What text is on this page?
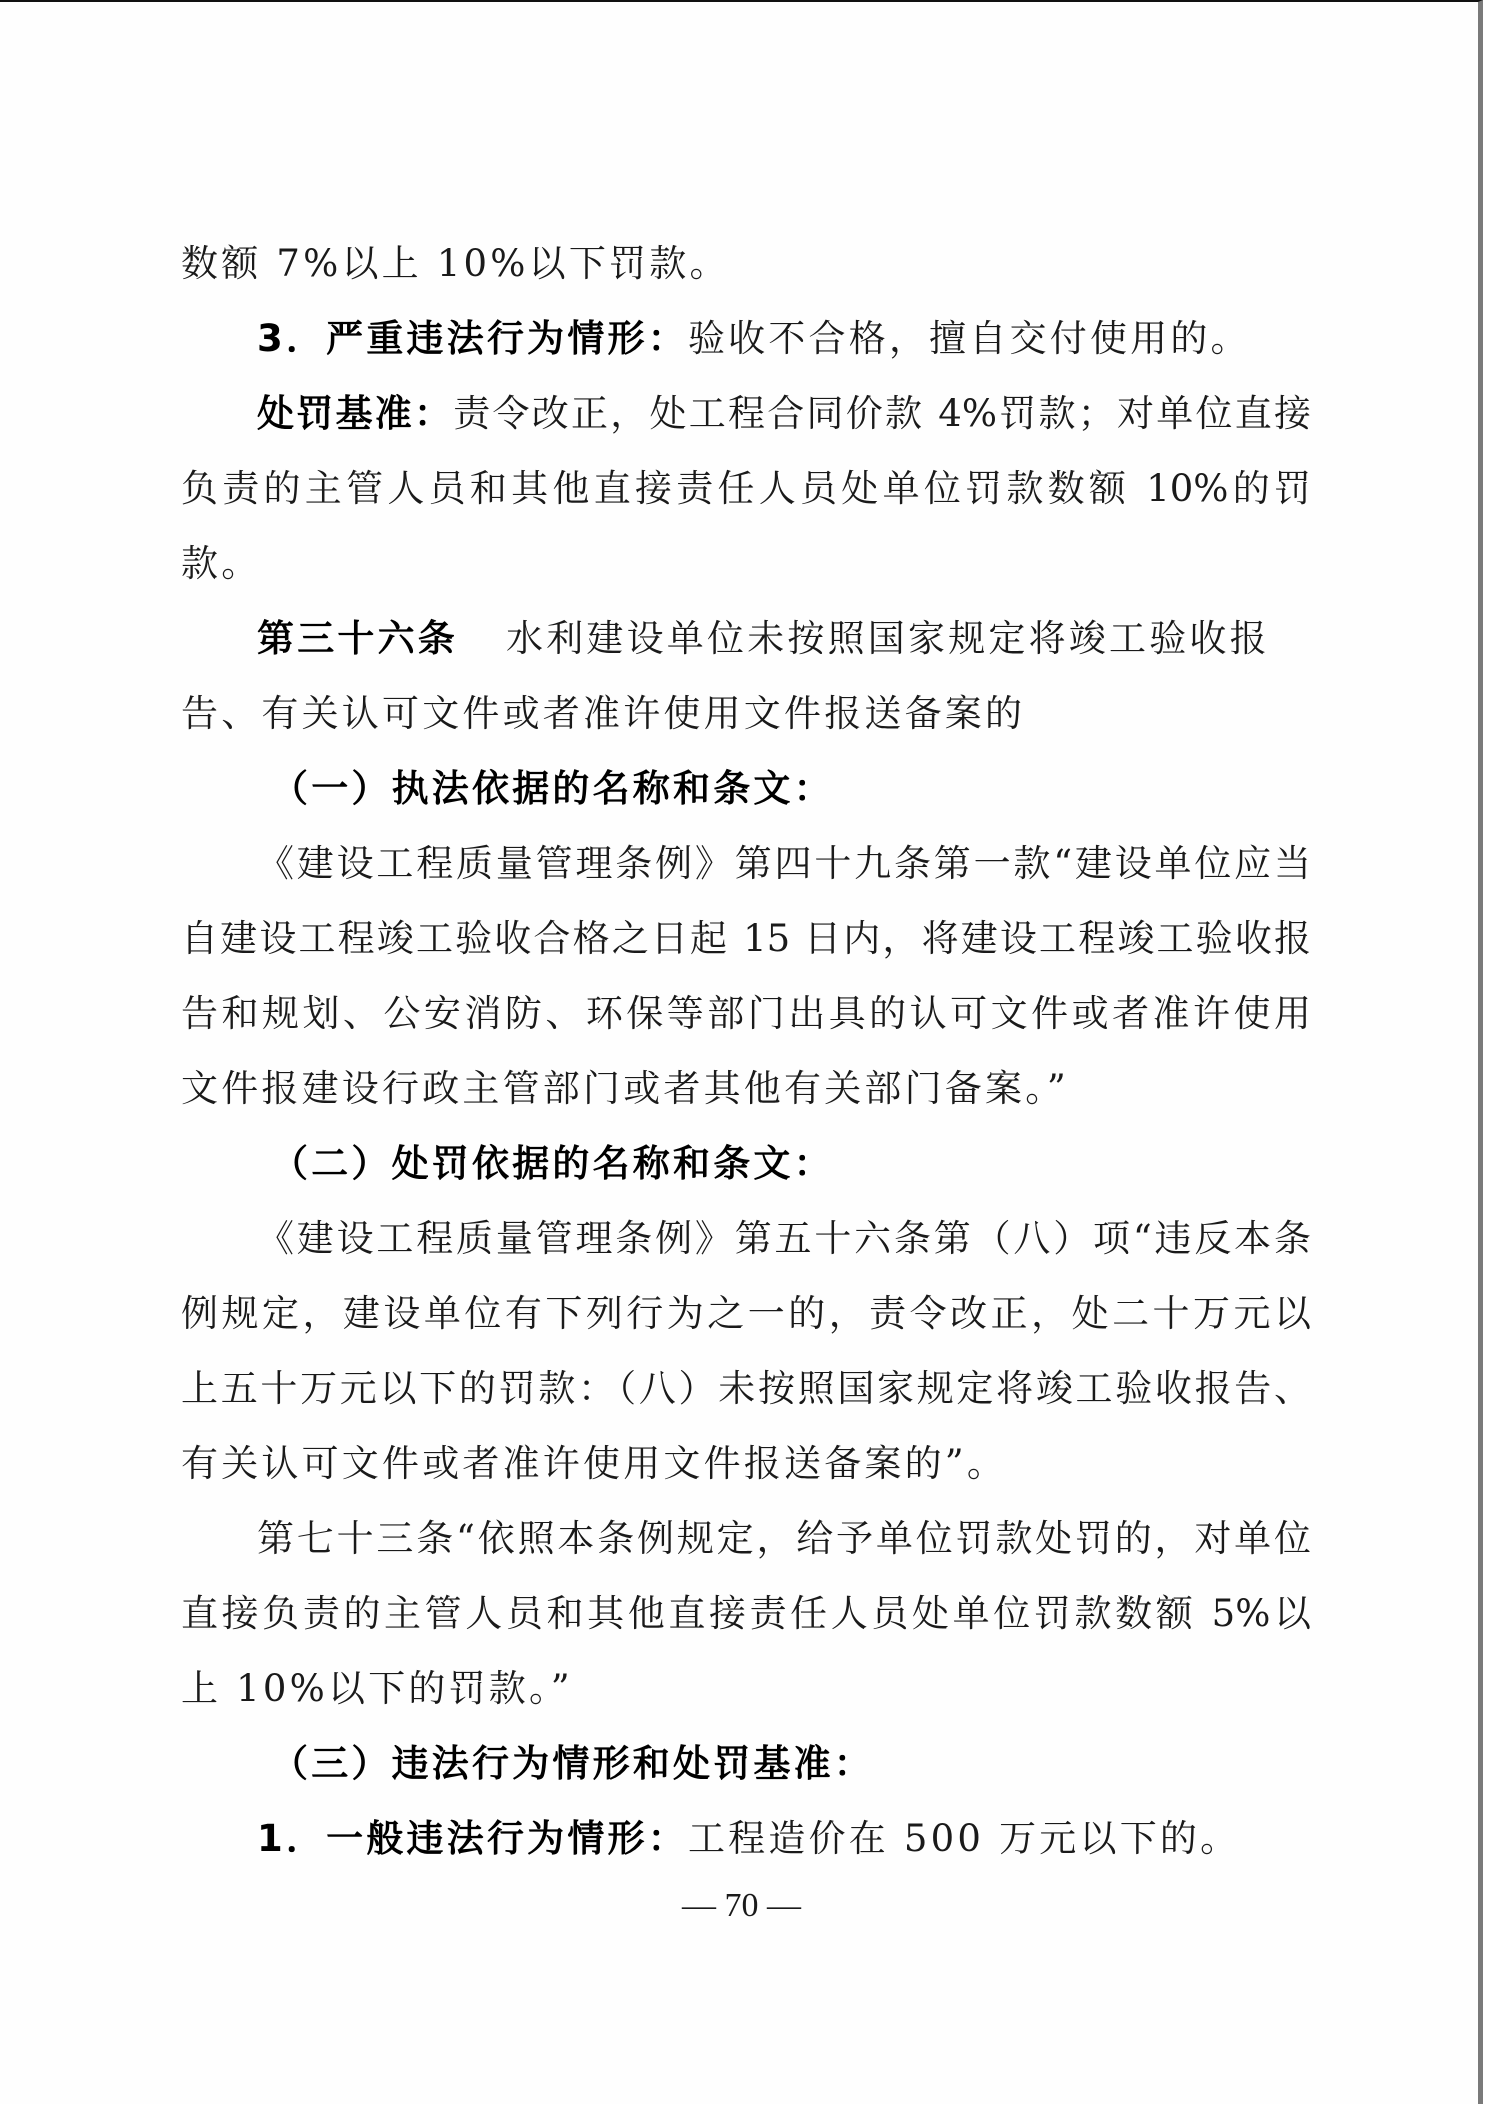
数额 7%以上 10%以下罚款。
3．严重违法行为情形： 验收不合格，擅自交付使用的。
处罚基准：责令改正，处工程合同价款 4%罚款；对单位直接
负责的主管人员和其他直接责任人员处单位罚款数额 10%的罚
款。
第三十六条 水利建设单位未按照国家规定将竣工验收报
告、有关认可文件或者准许使用文件报送备案的
（一）执法依据的名称和条文：
《建设工程质量管理条例》第四十九条第一款“建设单位应当
自建设工程竣工验收合格之日起 15 日内，将建设工程竣工验收报
告和规划、公安消防、环保等部门出具的认可文件或者准许使用
文件报建设行政主管部门或者其他有关部门备案。”
（二）处罚依据的名称和条文：
《建设工程质量管理条例》第五十六条第（八）项“违反本条
例规定，建设单位有下列行为之一的，责令改正，处二十万元以
上五十万元以下的罚款：（八）未按照国家规定将竣工验收报告、
有关认可文件或者准许使用文件报送备案的”。
第七十三条“依照本条例规定，给予单位罚款处罚的，对单位
直接负责的主管人员和其他直接责任人员处单位罚款数额 5%以
上 10%以下的罚款。”
（三）违法行为情形和处罚基准：
1．一般违法行为情形： 工程造价在 500 万元以下的。
— 70 —
